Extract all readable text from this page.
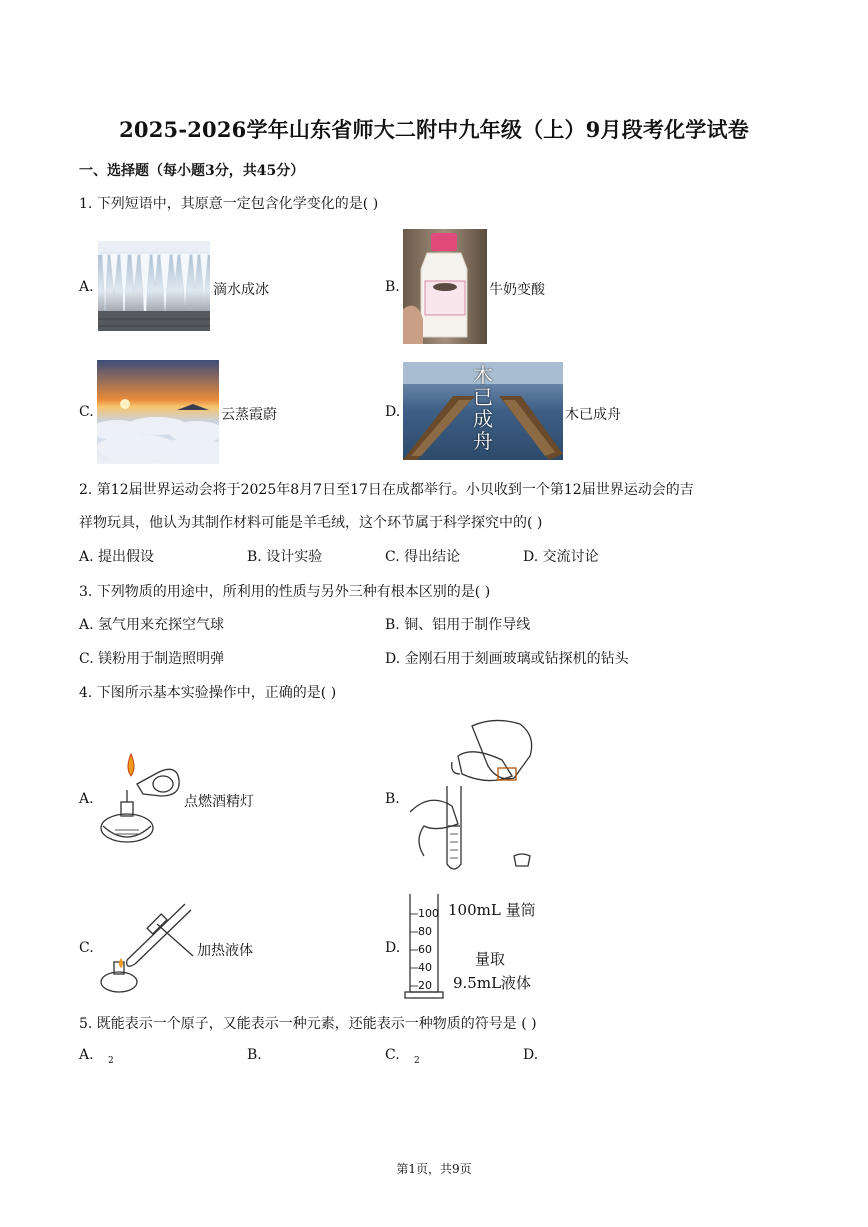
2025-2026学年山东省师大二附中九年级（上）9月段考化学试卷
一、选择题（每小题3分，共45分）
1. 下列短语中，其原意一定包含化学变化的是( )
A.	滴水成冰	B.	牛奶变酸
C.	云蒸霞蔚	D.
木已成舟
木已成舟
2. 第12届世界运动会将于2025年8月7日至17日在成都举行。小贝收到一个第12届世界运动会的吉
祥物玩具，他认为其制作材料可能是羊毛绒，这个环节属于科学探究中的( )
A. 提出假设	B. 设计实验	C. 得出结论	D. 交流讨论
3. 下列物质的用途中，所利用的性质与另外三种有根本区别的是( )
A. 氢气用来充探空气球	B. 铜、铝用于制作导线
C. 镁粉用于制造照明弹	D. 金刚石用于刻画玻璃或钻探机的钻头
4. 下图所示基本实验操作中，正确的是( )
A.	点燃酒精灯	B.
C.	加热液体	D.
100
80
60
40
20
100mL 量筒
量取
9.5mL液体
5. 既能表示一个原子，又能表示一种元素，还能表示一种物质的符号是 ( )
A. 2	B.	C. 2	D.
第1页，共9页
